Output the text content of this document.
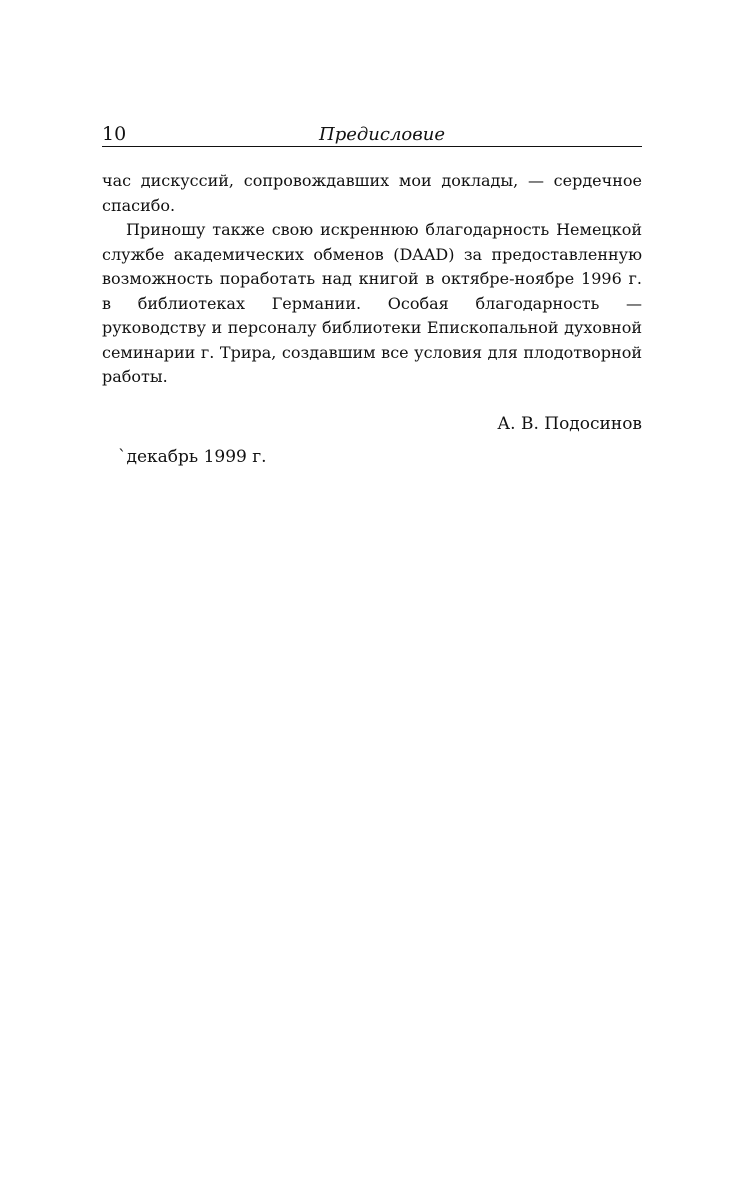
10	Предисловие

час дискуссий, сопровождавших мои доклады, — сердечное спасибо.

Приношу также свою искреннюю благодарность Немецкой службе академических обменов (DAAD) за предоставленную возможность поработать над книгой в октябре-ноябре 1996 г. в библиотеках Германии. Особая благодарность — руководству и персоналу библиотеки Епископальной духовной семинарии г. Трира, создавшим все условия для плодотворной работы.

А. В. Подосинов
`декабрь 1999 г.
